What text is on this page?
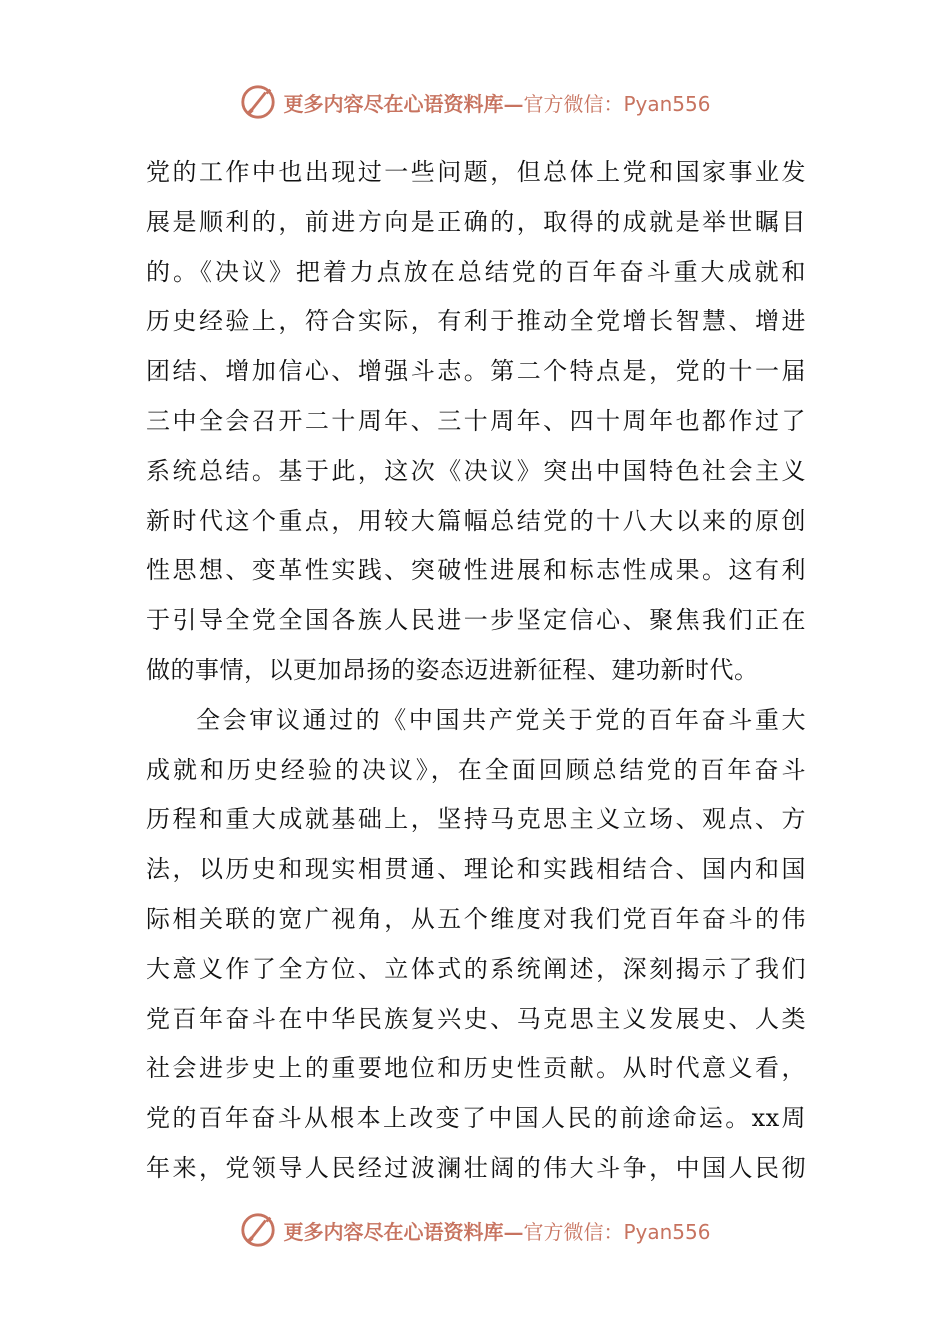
更多内容尽在心语资料库— 官方微信：Pyan556
党的工作中也出现过一些问题，但总体上党和国家事业发
展是顺利的，前进方向是正确的，取得的成就是举世瞩目
的。《决议》把着力点放在总结党的百年奋斗重大成就和
历史经验上，符合实际，有利于推动全党增长智慧、增进
团结、增加信心、增强斗志。第二个特点是，党的十一届
三中全会召开二十周年、三十周年、四十周年也都作过了
系统总结。基于此，这次《决议》突出中国特色社会主义
新时代这个重点，用较大篇幅总结党的十八大以来的原创
性思想、变革性实践、突破性进展和标志性成果。这有利
于引导全党全国各族人民进一步坚定信心、聚焦我们正在
做的事情，以更加昂扬的姿态迈进新征程、建功新时代。
全会审议通过的《中国共产党关于党的百年奋斗重大
成就和历史经验的决议》，在全面回顾总结党的百年奋斗
历程和重大成就基础上，坚持马克思主义立场、观点、方
法，以历史和现实相贯通、理论和实践相结合、国内和国
际相关联的宽广视角，从五个维度对我们党百年奋斗的伟
大意义作了全方位、立体式的系统阐述，深刻揭示了我们
党百年奋斗在中华民族复兴史、马克思主义发展史、人类
社会进步史上的重要地位和历史性贡献。从时代意义看，
党的百年奋斗从根本上改变了中国人民的前途命运。xx周
年来，党领导人民经过波澜壮阔的伟大斗争，中国人民彻
更多内容尽在心语资料库— 官方微信：Pyan556
